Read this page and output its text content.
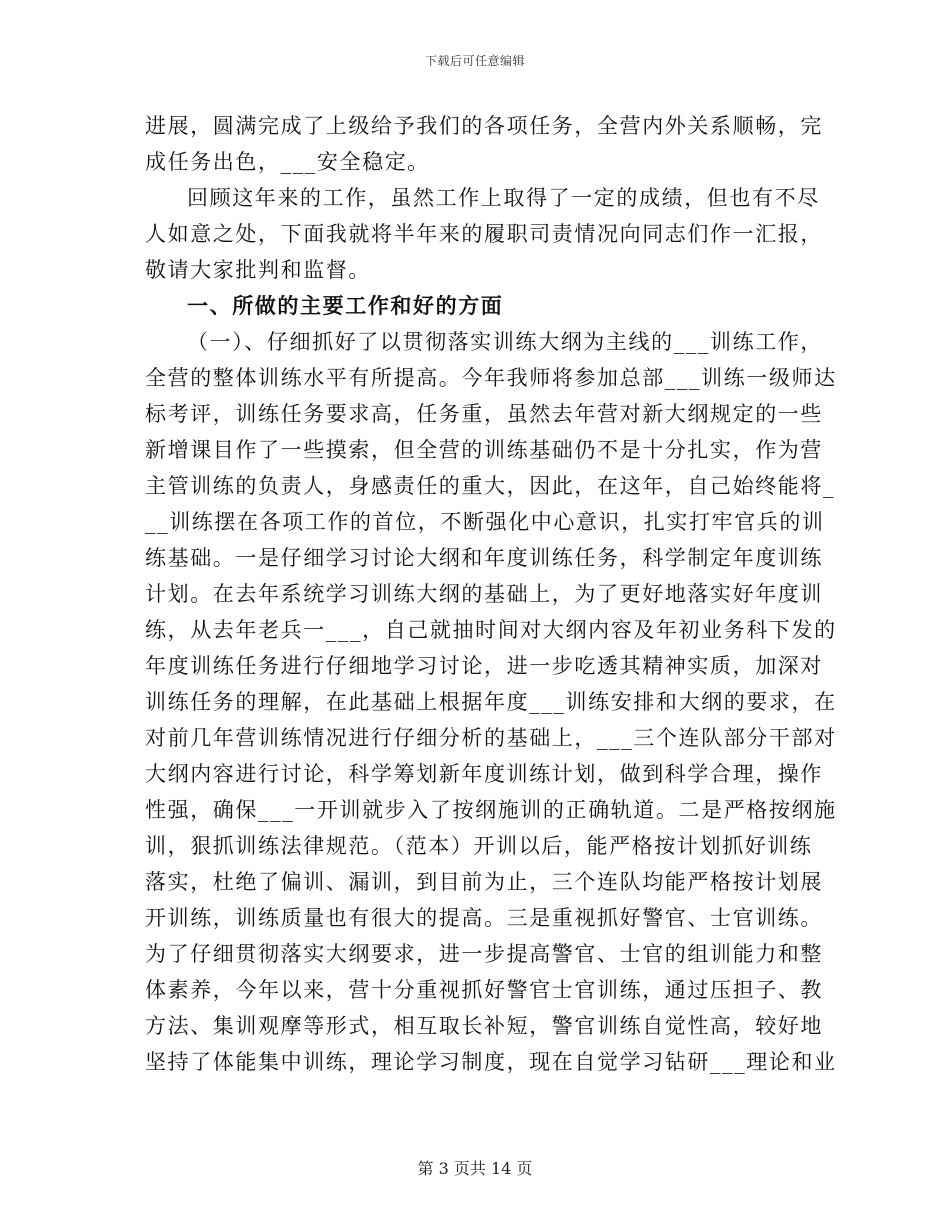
下载后可任意编辑
进展，圆满完成了上级给予我们的各项任务，全营内外关系顺畅，完
成任务出色，___安全稳定。
回顾这年来的工作，虽然工作上取得了一定的成绩，但也有不尽
人如意之处，下面我就将半年来的履职司责情况向同志们作一汇报，
敬请大家批判和监督。
一、所做的主要工作和好的方面
（一）、仔细抓好了以贯彻落实训练大纲为主线的___训练工作，
全营的整体训练水平有所提高。今年我师将参加总部___训练一级师达
标考评，训练任务要求高，任务重，虽然去年营对新大纲规定的一些
新增课目作了一些摸索，但全营的训练基础仍不是十分扎实，作为营
主管训练的负责人，身感责任的重大，因此，在这年，自己始终能将_
__训练摆在各项工作的首位，不断强化中心意识，扎实打牢官兵的训
练基础。一是仔细学习讨论大纲和年度训练任务，科学制定年度训练
计划。在去年系统学习训练大纲的基础上，为了更好地落实好年度训
练，从去年老兵一___，自己就抽时间对大纲内容及年初业务科下发的
年度训练任务进行仔细地学习讨论，进一步吃透其精神实质，加深对
训练任务的理解，在此基础上根据年度___训练安排和大纲的要求，在
对前几年营训练情况进行仔细分析的基础上，___三个连队部分干部对
大纲内容进行讨论，科学筹划新年度训练计划，做到科学合理，操作
性强，确保___一开训就步入了按纲施训的正确轨道。二是严格按纲施
训，狠抓训练法律规范。（范本）开训以后，能严格按计划抓好训练
落实，杜绝了偏训、漏训，到目前为止，三个连队均能严格按计划展
开训练，训练质量也有很大的提高。三是重视抓好警官、士官训练。
为了仔细贯彻落实大纲要求，进一步提高警官、士官的组训能力和整
体素养，今年以来，营十分重视抓好警官士官训练，通过压担子、教
方法、集训观摩等形式，相互取长补短，警官训练自觉性高，较好地
坚持了体能集中训练，理论学习制度，现在自觉学习钻研___理论和业
第 3 页共 14 页
